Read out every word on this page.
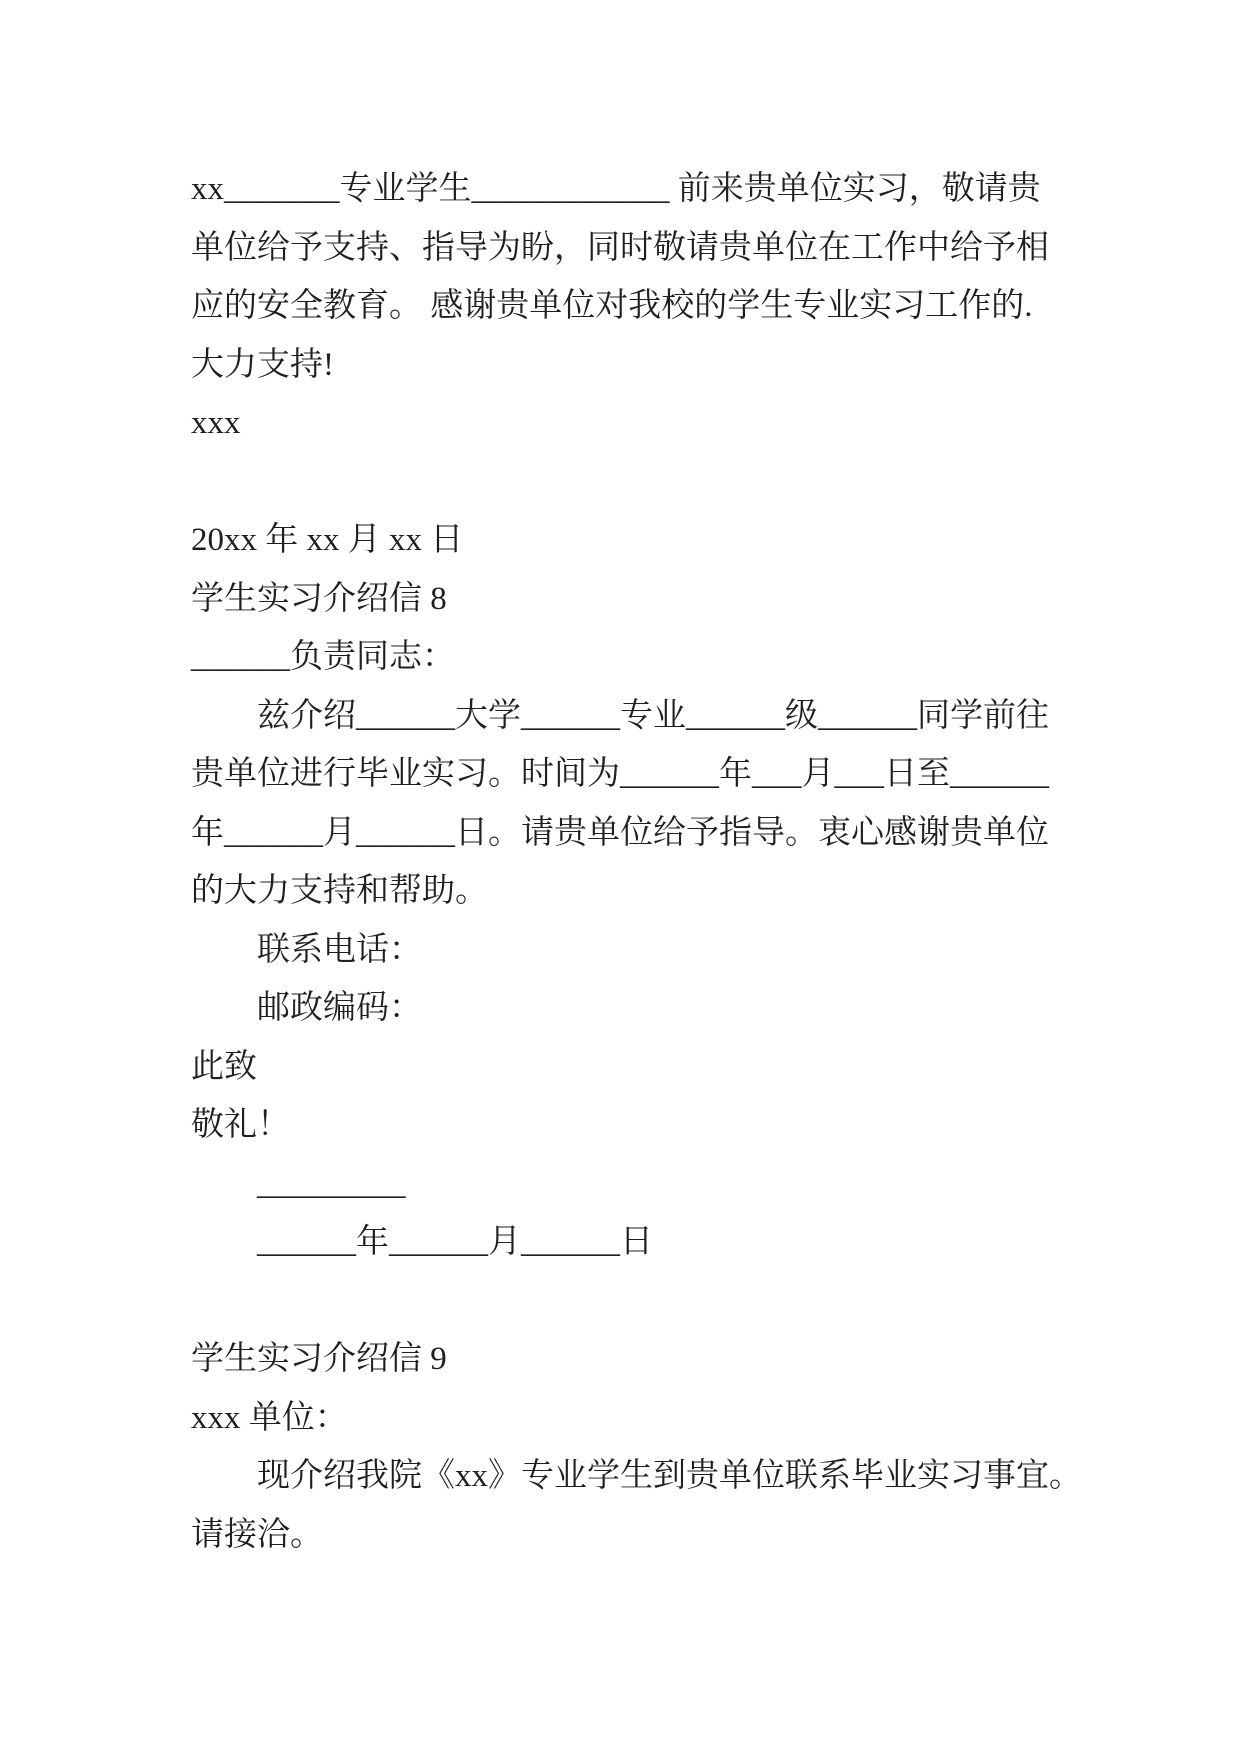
xx_______专业学生____________ 前来贵单位实习，敬请贵
单位给予支持、指导为盼，同时敬请贵单位在工作中给予相
应的安全教育。 感谢贵单位对我校的学生专业实习工作的.
大力支持!
xxx
20xx 年 xx 月 xx 日
学生实习介绍信 8
______负责同志：
兹介绍______大学______专业______级______同学前往
贵单位进行毕业实习。时间为______年___月___日至______
年______月______日。请贵单位给予指导。衷心感谢贵单位
的大力支持和帮助。
联系电话：
邮政编码：
此致
敬礼！
_________
______年______月______日
学生实习介绍信 9
xxx 单位：
现介绍我院《xx》专业学生到贵单位联系毕业实习事宜。
请接洽。
